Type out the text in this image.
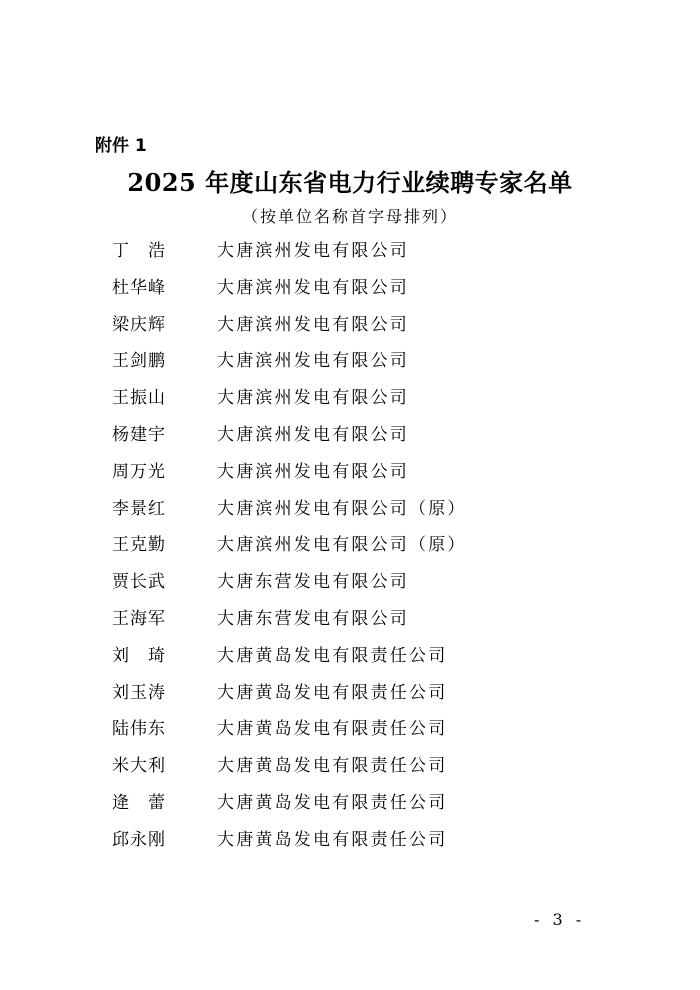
附件 1
2025 年度山东省电力行业续聘专家名单
（按单位名称首字母排列）
丁　浩	大唐滨州发电有限公司
杜华峰	大唐滨州发电有限公司
梁庆辉	大唐滨州发电有限公司
王剑鹏	大唐滨州发电有限公司
王振山	大唐滨州发电有限公司
杨建宇	大唐滨州发电有限公司
周万光	大唐滨州发电有限公司
李景红	大唐滨州发电有限公司（原）
王克勤	大唐滨州发电有限公司（原）
贾长武	大唐东营发电有限公司
王海军	大唐东营发电有限公司
刘　琦	大唐黄岛发电有限责任公司
刘玉涛	大唐黄岛发电有限责任公司
陆伟东	大唐黄岛发电有限责任公司
米大利	大唐黄岛发电有限责任公司
逄　蕾	大唐黄岛发电有限责任公司
邱永刚	大唐黄岛发电有限责任公司
- 3 -
